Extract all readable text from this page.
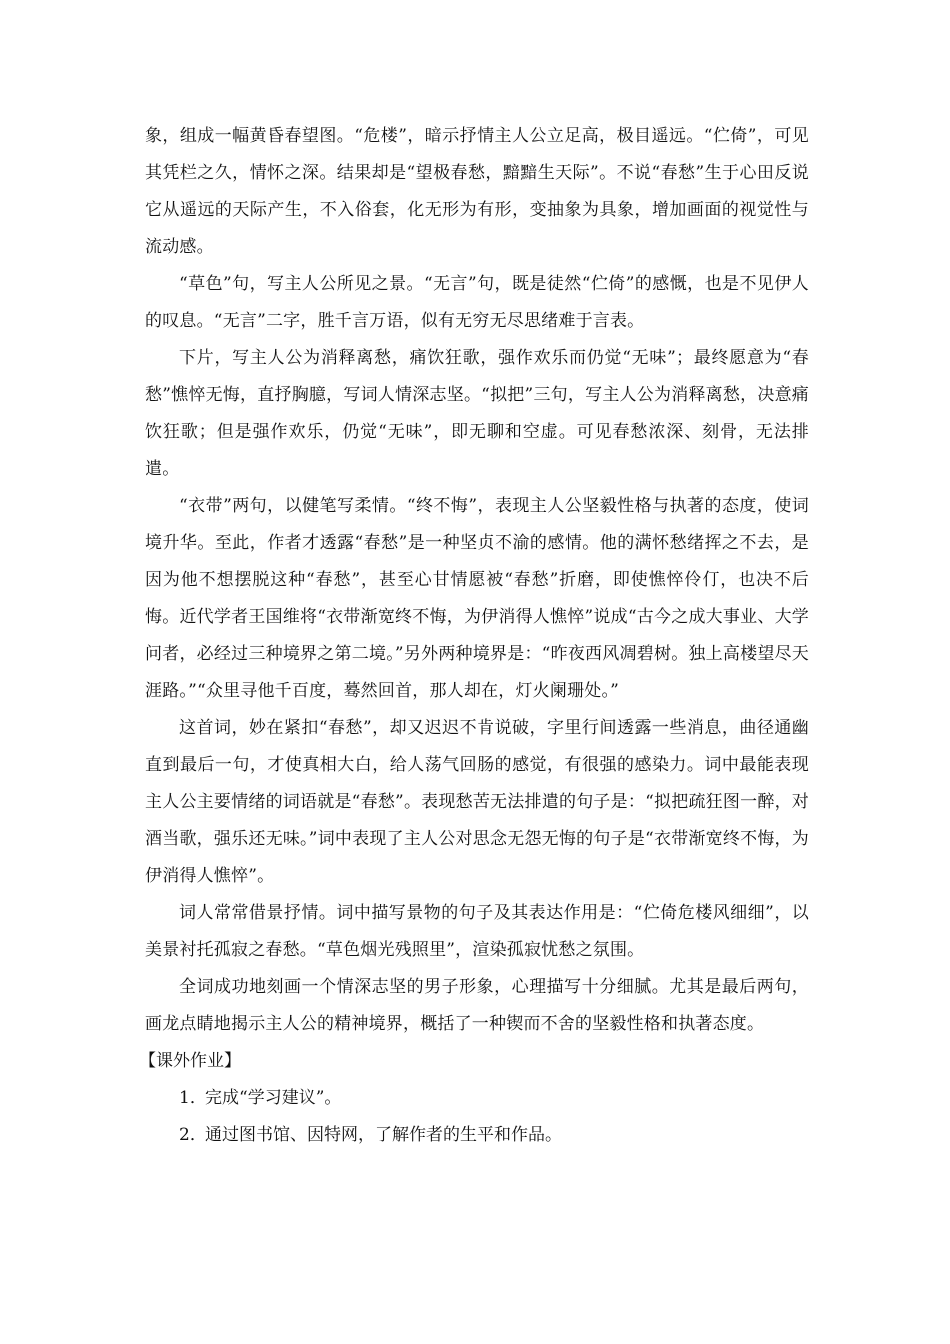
象，组成一幅黄昏春望图。“危楼”，暗示抒情主人公立足高，极目遥远。“伫倚”，可见其凭栏之久，情怀之深。结果却是“望极春愁，黯黯生天际”。不说“春愁”生于心田反说它从遥远的天际产生，不入俗套，化无形为有形，变抽象为具象，增加画面的视觉性与流动感。

“草色”句，写主人公所见之景。“无言”句，既是徒然“伫倚”的感慨，也是不见伊人的叹息。“无言”二字，胜千言万语，似有无穷无尽思绪难于言表。

下片，写主人公为消释离愁，痛饮狂歌，强作欢乐而仍觉“无味”；最终愿意为“春愁”憔悴无悔，直抒胸臆，写词人情深志坚。“拟把”三句，写主人公为消释离愁，决意痛饮狂歌；但是强作欢乐，仍觉“无味”，即无聊和空虚。可见春愁浓深、刻骨，无法排遣。

“衣带”两句，以健笔写柔情。“终不悔”，表现主人公坚毅性格与执著的态度，使词境升华。至此，作者才透露“春愁”是一种坚贞不渝的感情。他的满怀愁绪挥之不去，是因为他不想摆脱这种“春愁”，甚至心甘情愿被“春愁”折磨，即使憔悴伶仃，也决不后悔。近代学者王国维将“衣带渐宽终不悔，为伊消得人憔悴”说成“古今之成大事业、大学问者，必经过三种境界之第二境。”另外两种境界是：“昨夜西风凋碧树。独上高楼望尽天涯路。”“众里寻他千百度，蓦然回首，那人却在，灯火阑珊处。”

这首词，妙在紧扣“春愁”，却又迟迟不肯说破，字里行间透露一些消息，曲径通幽直到最后一句，才使真相大白，给人荡气回肠的感觉，有很强的感染力。词中最能表现主人公主要情绪的词语就是“春愁”。表现愁苦无法排遣的句子是：“拟把疏狂图一醉，对酒当歌，强乐还无味。”词中表现了主人公对思念无怨无悔的句子是“衣带渐宽终不悔，为伊消得人憔悴”。

词人常常借景抒情。词中描写景物的句子及其表达作用是：“伫倚危楼风细细”，以美景衬托孤寂之春愁。“草色烟光残照里”，渲染孤寂忧愁之氛围。

全词成功地刻画一个情深志坚的男子形象，心理描写十分细腻。尤其是最后两句，画龙点睛地揭示主人公的精神境界，概括了一种锲而不舍的坚毅性格和执著态度。

【课外作业】
1．完成“学习建议”。
2．通过图书馆、因特网，了解作者的生平和作品。
